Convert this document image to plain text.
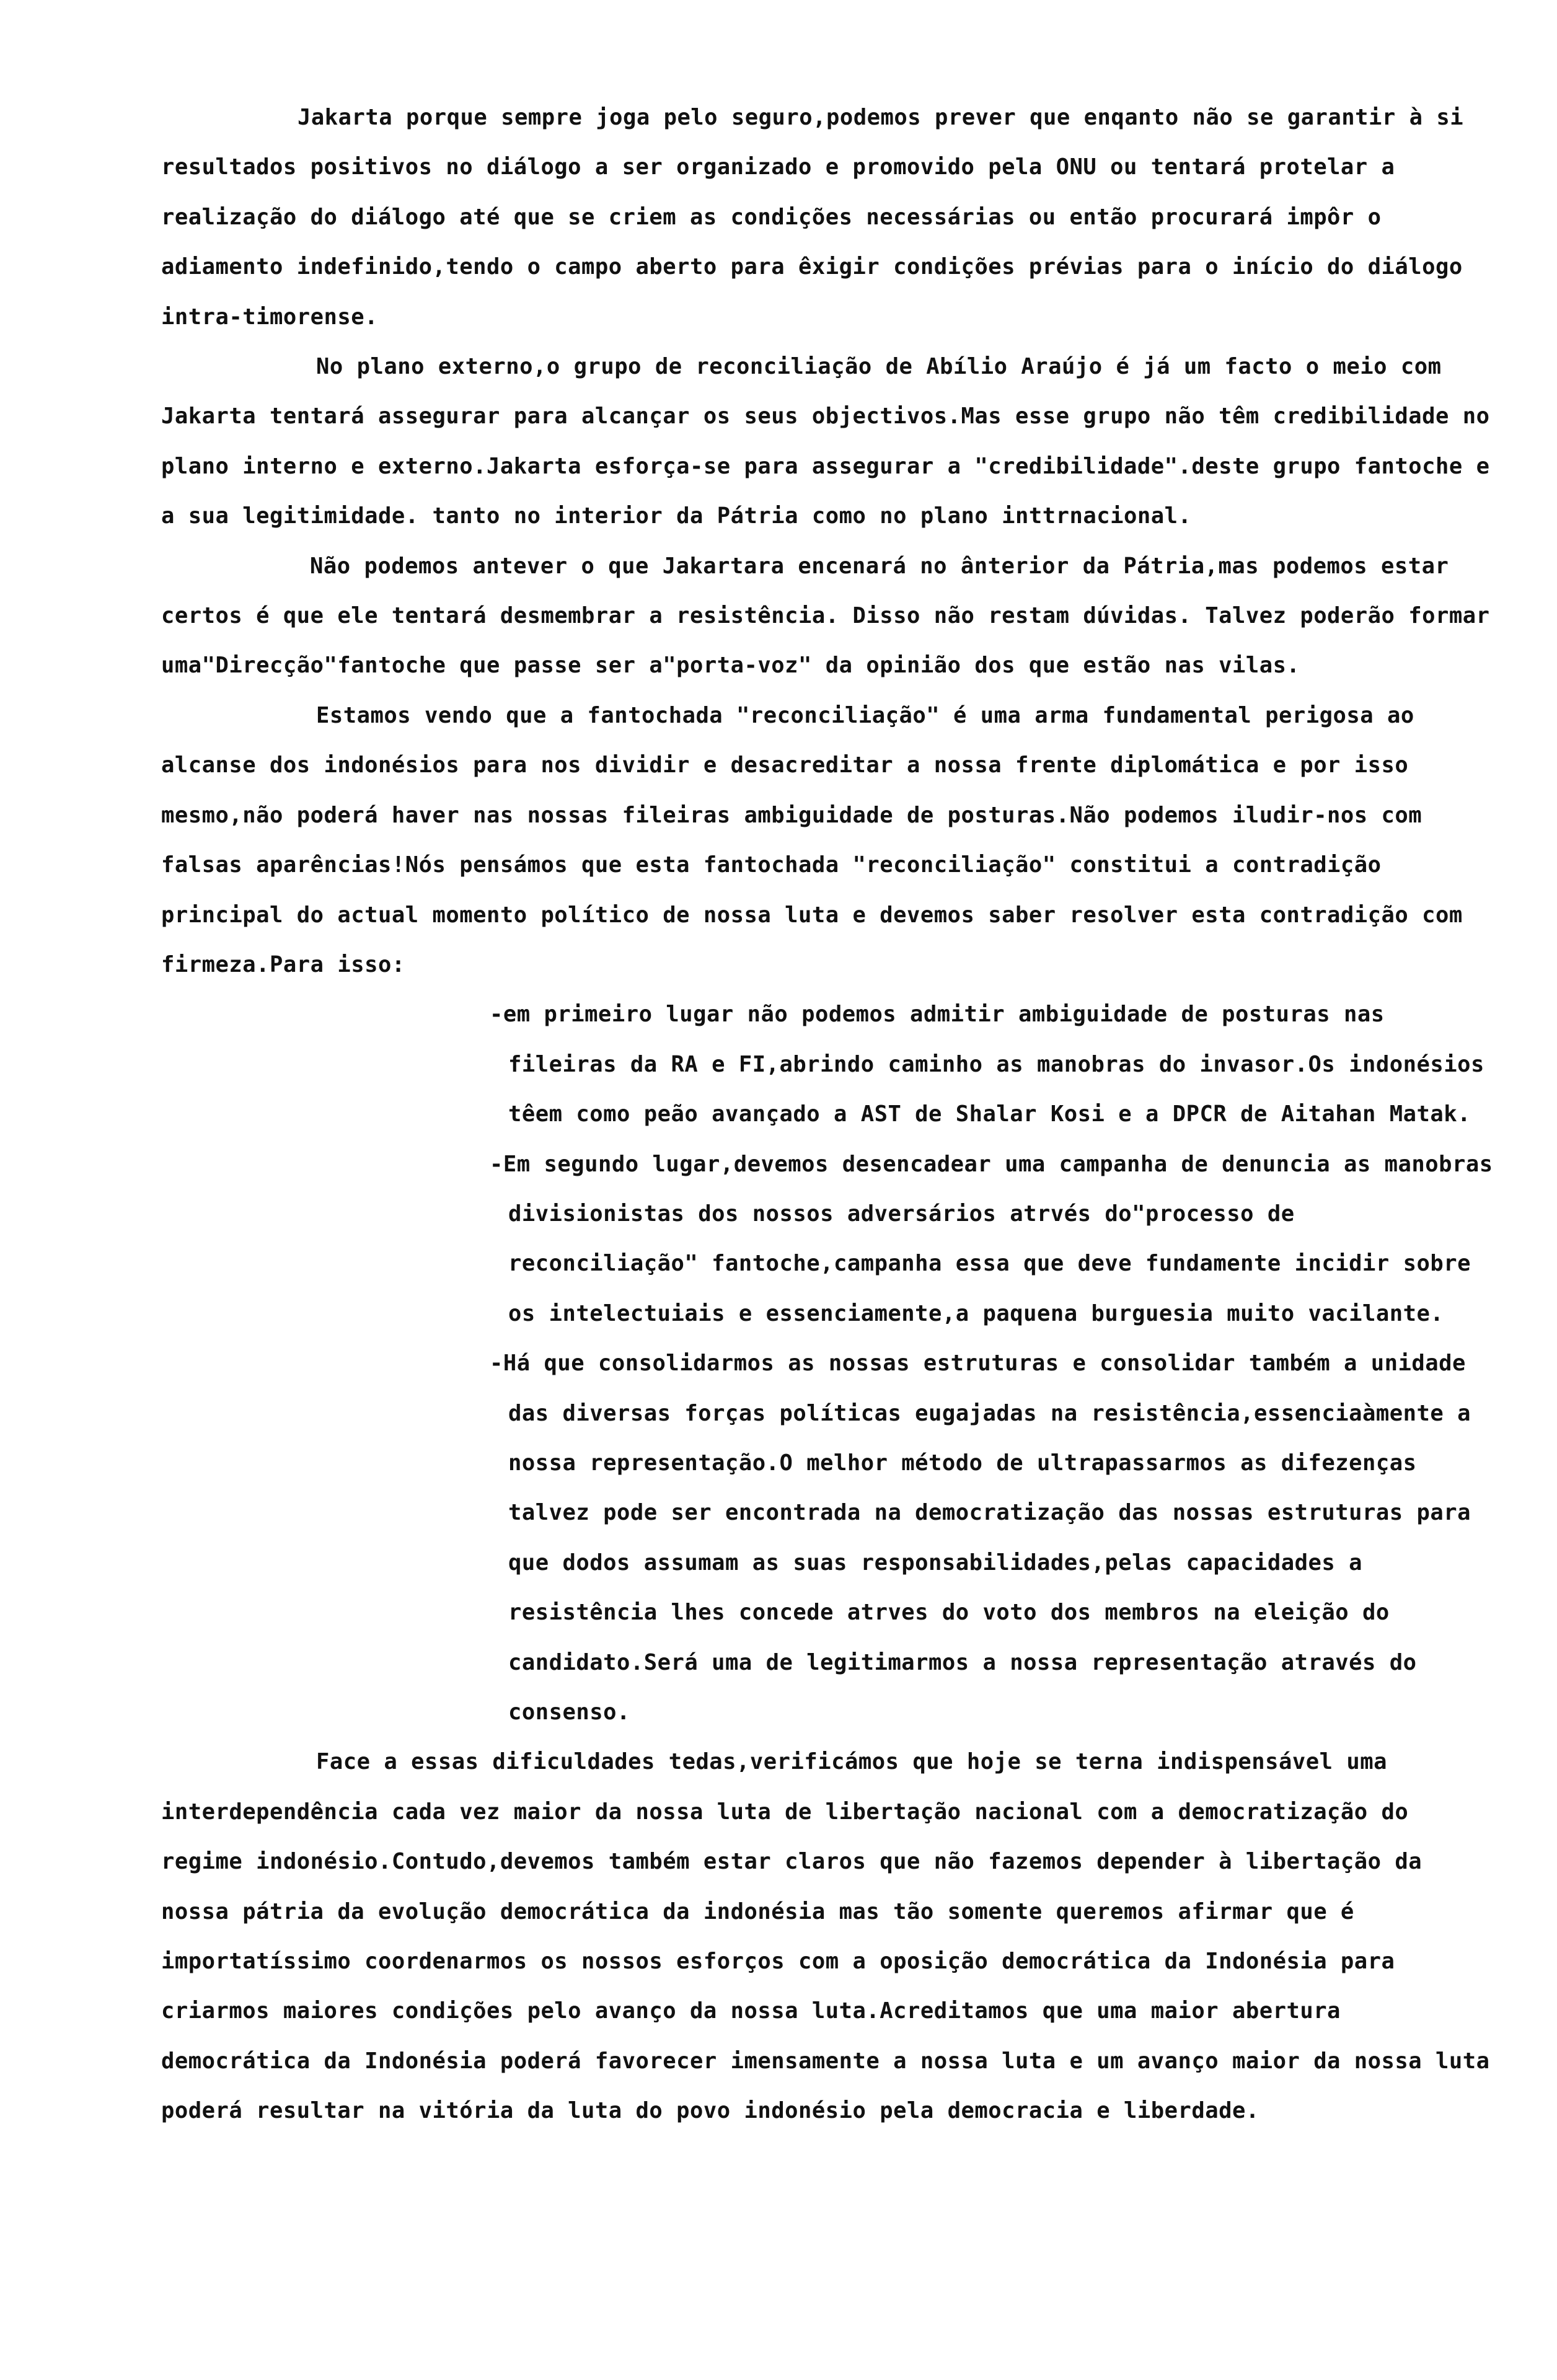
Jakarta porque sempre joga pelo seguro,podemos prever que enqanto não se garantir à si resultados positivos no diálogo a ser organizado e promovido pela ONU ou tentará protelar a realização do diálogo até que se criem as condições necessárias ou então procurará impôr o adiamento indefinido,tendo o campo aberto para êxigir condições prévias para o início do diálogo intra-timorense.

No plano externo,o grupo de reconciliação de Abílio Araújo é já um facto o meio com Jakarta tentará assegurar para alcançar os seus objectivos.Mas esse grupo não têm credibilidade no plano interno e externo.Jakarta esforça-se para assegurar a "credibilidade".deste grupo fantoche e a sua legitimidade. tanto no interior da Pátria como no plano inttrnacional.

Não podemos antever o que Jakartara encenará no ânterior da Pátria,mas podemos estar certos é que ele tentará desmembrar a resistência. Disso não restam dúvidas. Talvez poderão formar uma"Direcção"fantoche que passe ser a"porta-voz" da opinião dos que estão nas vilas.

Estamos vendo que a fantochada "reconciliação" é uma arma fundamental perigosa ao alcanse dos indonésios para nos dividir e desacreditar a nossa frente diplomática e por isso mesmo,não poderá haver nas nossas fileiras ambiguidade de posturas.Não podemos iludir-nos com falsas aparências!Nós pensámos que esta fantochada "reconciliação" constitui a contradição principal do actual momento político de nossa luta e devemos saber resolver esta contradição com firmeza.Para isso:

-em primeiro lugar não podemos admitir ambiguidade de posturas nas fileiras da RA e FI,abrindo caminho as manobras do invasor.Os indonésios têem como peão avançado a AST de Shalar Kosi e a DPCR de Aitahan Matak.
-Em segundo lugar,devemos desencadear uma campanha de denuncia as manobras divisionistas dos nossos adversários atrvés do"processo de reconciliação" fantoche,campanha essa que deve fundamente incidir sobre os intelectuiais e essenciamente,a paquena burguesia muito vacilante.
-Há que consolidarmos as nossas estruturas e consolidar também a unidade das diversas forças políticas eugajadas na resistência,essenciaàmente a nossa representação.O melhor método de ultrapassarmos as difezenças talvez pode ser encontrada na democratização das nossas estruturas para que dodos assumam as suas responsabilidades,pelas capacidades a resistência lhes concede atrves do voto dos membros na eleição do candidato.Será uma de legitimarmos a nossa representação através do consenso.

Face a essas dificuldades tedas,verificámos que hoje se terna indispensável uma interdependência cada vez maior da nossa luta de libertação nacional com a democratização do regime indonésio.Contudo,devemos também estar claros que não fazemos depender à libertação da nossa pátria da evolução democrática da indonésia mas tão somente queremos afirmar que é importatíssimo coordenarmos os nossos esforços com a oposição democrática da Indonésia para criarmos maiores condições pelo avanço da nossa luta.Acreditamos que uma maior abertura democrática da Indonésia poderá favorecer imensamente a nossa luta e um avanço maior da nossa luta poderá resultar na vitória da luta do povo indonésio pela democracia e liberdade.
